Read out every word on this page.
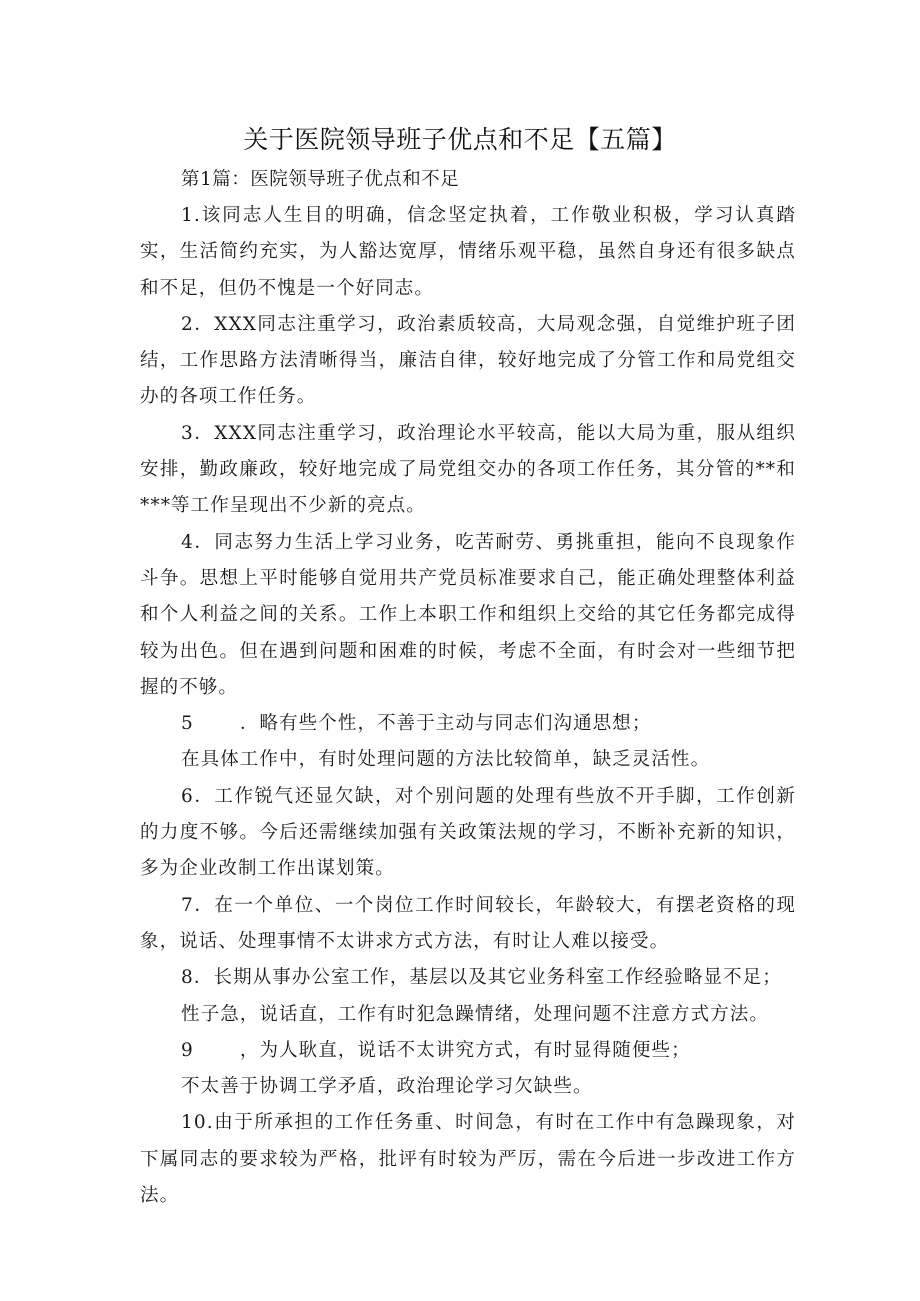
关于医院领导班子优点和不足【五篇】

第1篇：医院领导班子优点和不足

1.该同志人生目的明确，信念坚定执着，工作敬业积极，学习认真踏实，生活简约充实，为人豁达宽厚，情绪乐观平稳，虽然自身还有很多缺点和不足，但仍不愧是一个好同志。

2．XXX同志注重学习，政治素质较高，大局观念强，自觉维护班子团结，工作思路方法清晰得当，廉洁自律，较好地完成了分管工作和局党组交办的各项工作任务。

3．XXX同志注重学习，政治理论水平较高，能以大局为重，服从组织安排，勤政廉政，较好地完成了局党组交办的各项工作任务，其分管的**和***等工作呈现出不少新的亮点。

4．同志努力生活上学习业务，吃苦耐劳、勇挑重担，能向不良现象作斗争。思想上平时能够自觉用共产党员标准要求自己，能正确处理整体利益和个人利益之间的关系。工作上本职工作和组织上交给的其它任务都完成得较为出色。但在遇到问题和困难的时候，考虑不全面，有时会对一些细节把握的不够。

5 ．略有些个性，不善于主动与同志们沟通思想；

在具体工作中，有时处理问题的方法比较简单，缺乏灵活性。

6．工作锐气还显欠缺，对个别问题的处理有些放不开手脚，工作创新的力度不够。今后还需继续加强有关政策法规的学习，不断补充新的知识，多为企业改制工作出谋划策。

7．在一个单位、一个岗位工作时间较长，年龄较大，有摆老资格的现象，说话、处理事情不太讲求方式方法，有时让人难以接受。

8．长期从事办公室工作，基层以及其它业务科室工作经验略显不足；

性子急，说话直，工作有时犯急躁情绪，处理问题不注意方式方法。

9 ，为人耿直，说话不太讲究方式，有时显得随便些；

不太善于协调工学矛盾，政治理论学习欠缺些。

10.由于所承担的工作任务重、时间急，有时在工作中有急躁现象，对下属同志的要求较为严格，批评有时较为严厉，需在今后进一步改进工作方法。
